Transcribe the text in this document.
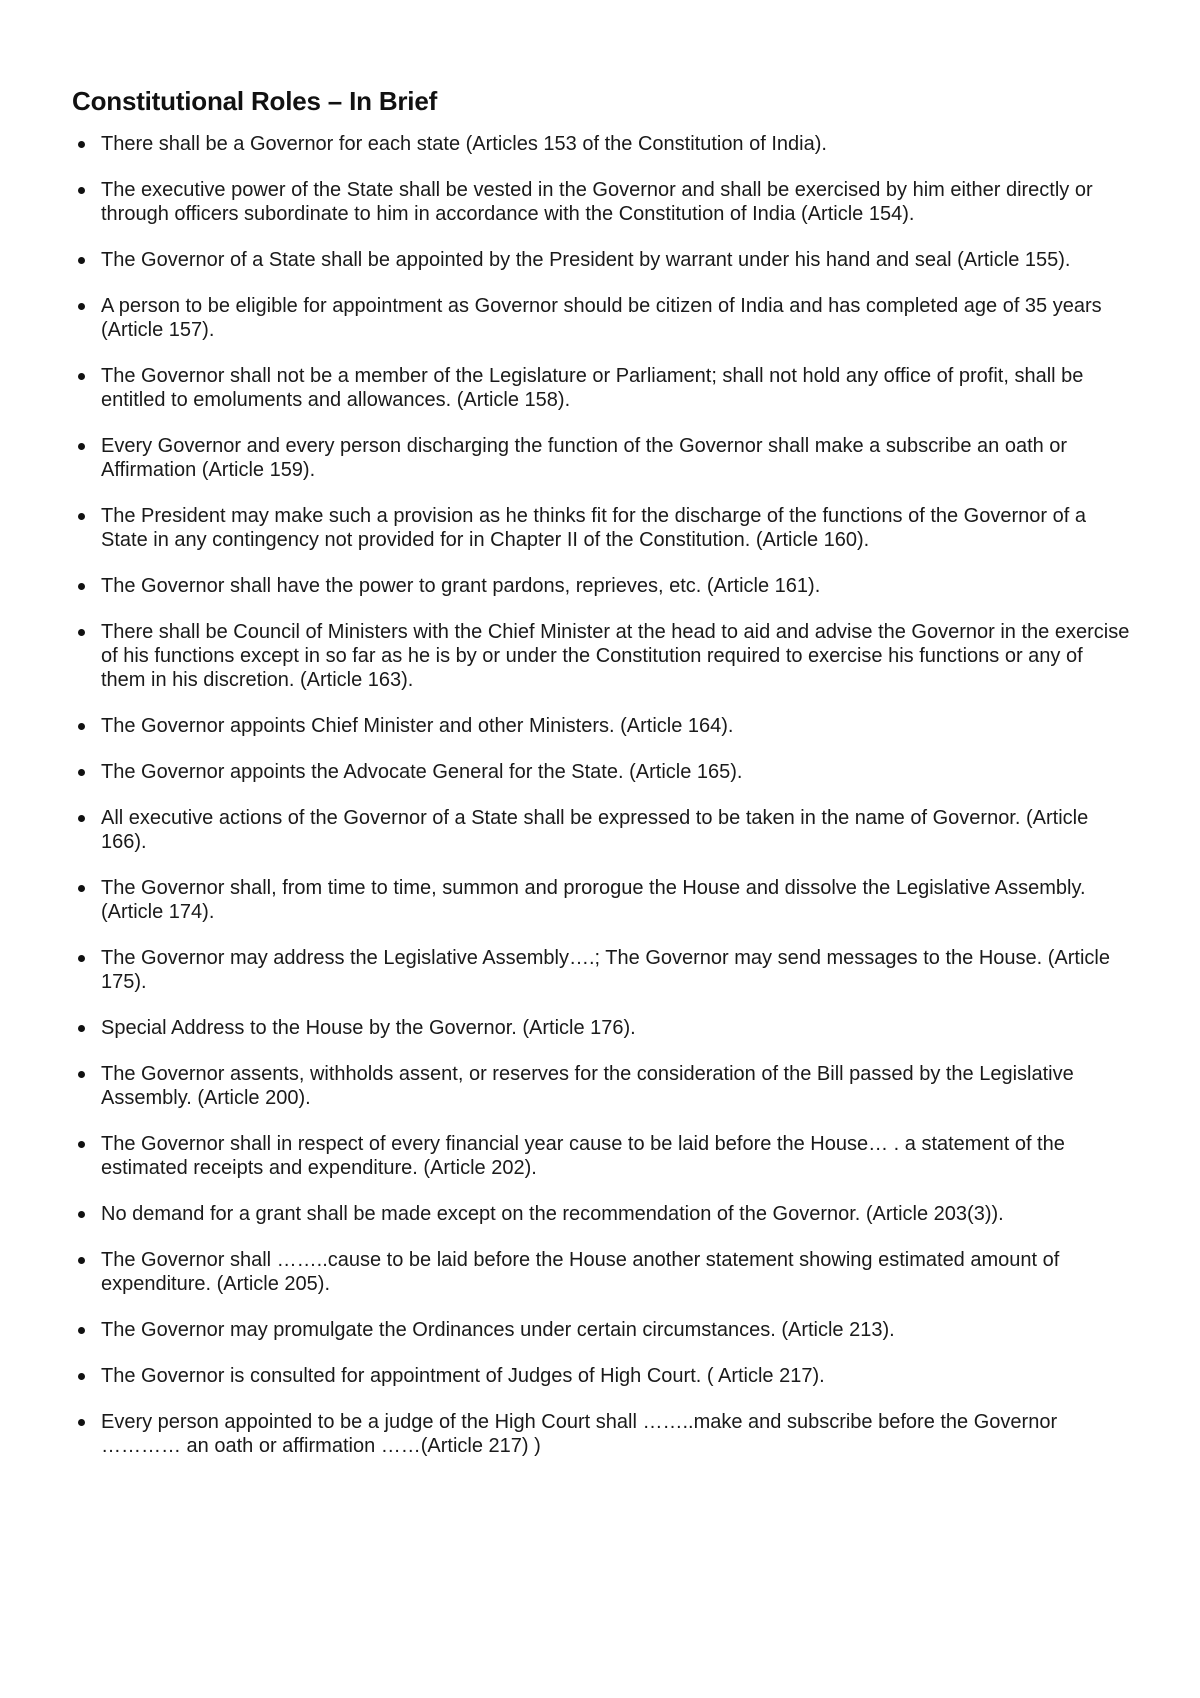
Constitutional Roles – In Brief
There shall be a Governor for each state (Articles 153 of the Constitution of India).
The executive power of the State shall be vested in the Governor and shall be exercised by him either directly or through officers subordinate to him in accordance with the Constitution of India (Article 154).
The Governor of a State shall be appointed by the President by warrant under his hand and seal (Article 155).
A person to be eligible for appointment as Governor should be citizen of India and has completed age of 35 years (Article 157).
The Governor shall not be a member of the Legislature or Parliament; shall not hold any office of profit, shall be entitled to emoluments and allowances. (Article 158).
Every Governor and every person discharging the function of the Governor shall make a subscribe an oath or Affirmation (Article 159).
The President may make such a provision as he thinks fit for the discharge of the functions of the Governor of a State in any contingency not provided for in Chapter II of the Constitution. (Article 160).
The Governor shall have the power to grant pardons, reprieves, etc. (Article 161).
There shall be Council of Ministers with the Chief Minister at the head to aid and advise the Governor in the exercise of his functions except in so far as he is by or under the Constitution required to exercise his functions or any of them in his discretion. (Article 163).
The Governor appoints Chief Minister and other Ministers. (Article 164).
The Governor appoints the Advocate General for the State. (Article 165).
All executive actions of the Governor of a State shall be expressed to be taken in the name of Governor. (Article 166).
The Governor shall, from time to time, summon and prorogue the House and dissolve the Legislative Assembly. (Article 174).
The Governor may address the Legislative Assembly….; The Governor may send messages to the House. (Article 175).
Special Address to the House by the Governor. (Article 176).
The Governor assents, withholds assent, or reserves for the consideration of the Bill passed by the Legislative Assembly. (Article 200).
The Governor shall in respect of every financial year cause to be laid before the House… . a statement of the estimated receipts and expenditure. (Article 202).
No demand for a grant shall be made except on the recommendation of the Governor. (Article 203(3)).
The Governor shall ……..cause to be laid before the House another statement showing estimated amount of expenditure. (Article 205).
The Governor may promulgate the Ordinances under certain circumstances. (Article 213).
The Governor is consulted for appointment of Judges of High Court. ( Article 217).
Every person appointed to be a judge of the High Court shall ……..make and subscribe before the Governor ………… an oath or affirmation ……(Article 217) )
